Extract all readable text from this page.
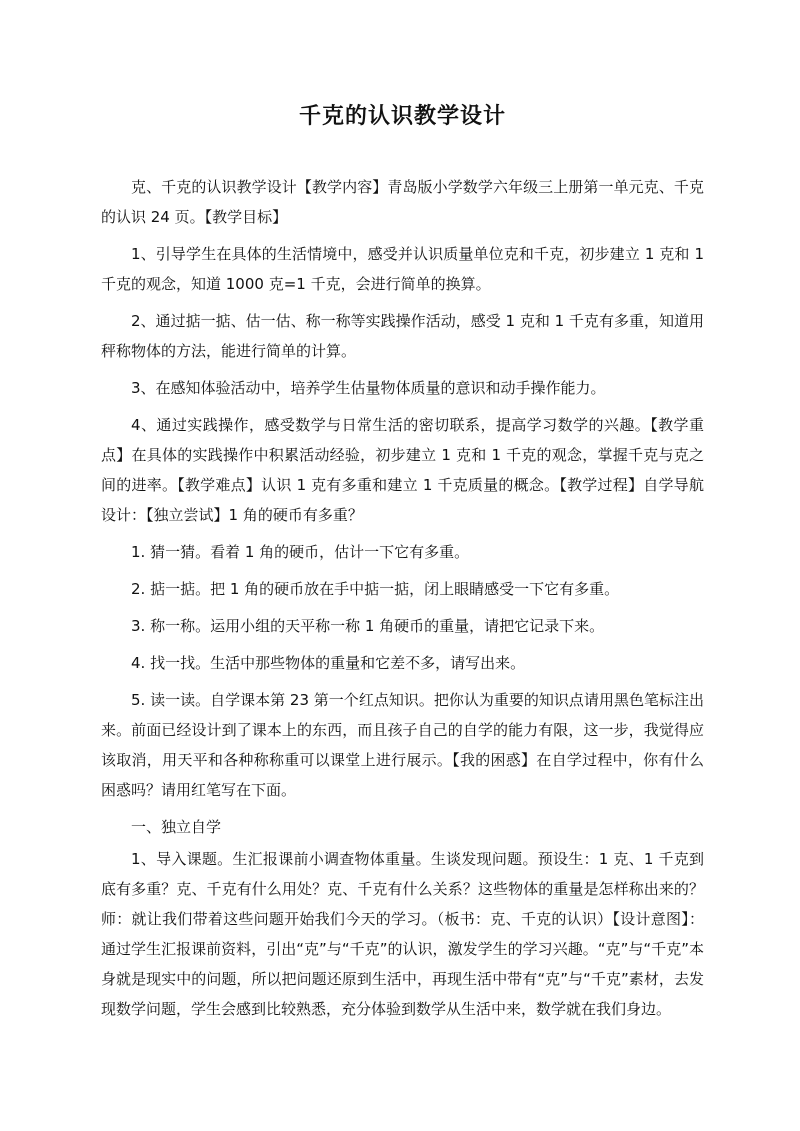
千克的认识教学设计

克、千克的认识教学设计【教学内容】青岛版小学数学六年级三上册第一单元克、千克的认识 24 页。【教学目标】

1、引导学生在具体的生活情境中，感受并认识质量单位克和千克，初步建立 1 克和 1 千克的观念，知道 1000 克=1 千克，会进行简单的换算。

2、通过掂一掂、估一估、称一称等实践操作活动，感受 1 克和 1 千克有多重，知道用秤称物体的方法，能进行简单的计算。

3、在感知体验活动中，培养学生估量物体质量的意识和动手操作能力。

4、通过实践操作，感受数学与日常生活的密切联系，提高学习数学的兴趣。【教学重点】在具体的实践操作中积累活动经验，初步建立 1 克和 1 千克的观念，掌握千克与克之间的进率。【教学难点】认识 1 克有多重和建立 1 千克质量的概念。【教学过程】自学导航设计：【独立尝试】1 角的硬币有多重？

1. 猜一猜。看着 1 角的硬币，估计一下它有多重。

2. 掂一掂。把 1 角的硬币放在手中掂一掂，闭上眼睛感受一下它有多重。

3. 称一称。运用小组的天平称一称 1 角硬币的重量，请把它记录下来。

4. 找一找。生活中那些物体的重量和它差不多，请写出来。

5. 读一读。自学课本第 23 第一个红点知识。把你认为重要的知识点请用黑色笔标注出来。前面已经设计到了课本上的东西，而且孩子自己的自学的能力有限，这一步，我觉得应该取消，用天平和各种称称重可以课堂上进行展示。【我的困惑】在自学过程中，你有什么困惑吗？请用红笔写在下面。

一、独立自学

1、导入课题。生汇报课前小调查物体重量。生谈发现问题。预设生：1 克、1 千克到底有多重？克、千克有什么用处？克、千克有什么关系？这些物体的重量是怎样称出来的？师：就让我们带着这些问题开始我们今天的学习。（板书：克、千克的认识）【设计意图】：通过学生汇报课前资料，引出“克”与“千克”的认识，激发学生的学习兴趣。“克”与“千克”本身就是现实中的问题，所以把问题还原到生活中，再现生活中带有“克”与“千克”素材，去发现数学问题，学生会感到比较熟悉，充分体验到数学从生活中来，数学就在我们身边。
